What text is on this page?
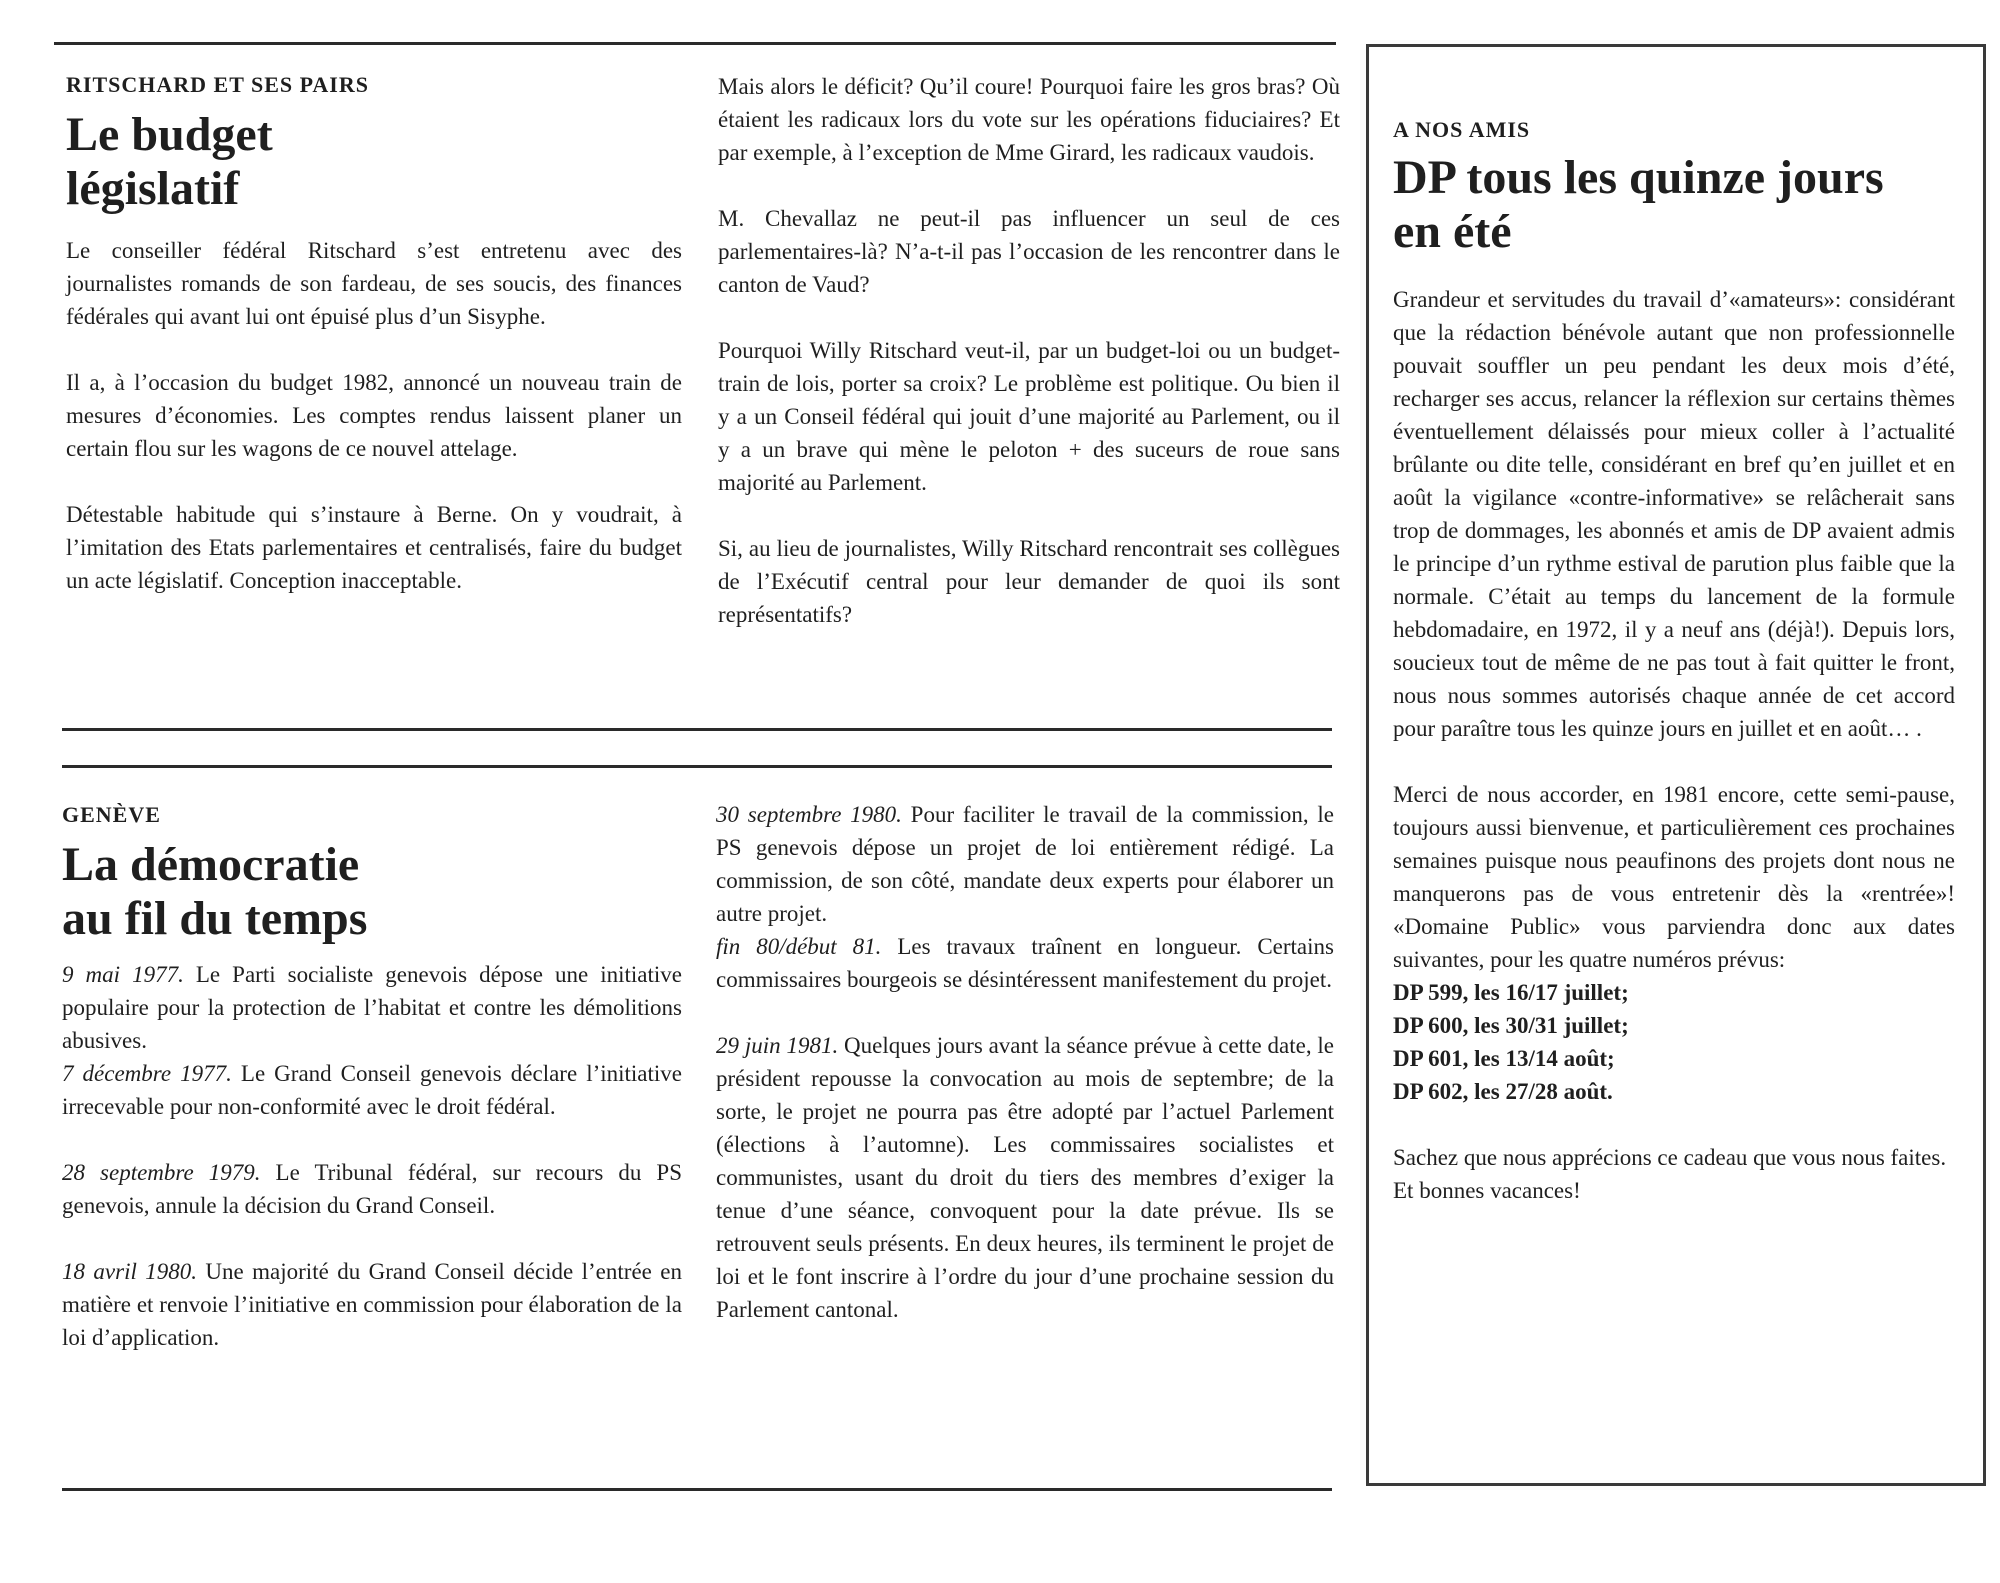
RITSCHARD ET SES PAIRS

Le budget
législatif

Le conseiller fédéral Ritschard s’est entretenu avec des journalistes romands de son fardeau, de ses soucis, des finances fédérales qui avant lui ont épuisé plus d’un Sisyphe.

Il a, à l’occasion du budget 1982, annoncé un nouveau train de mesures d’économies. Les comptes rendus laissent planer un certain flou sur les wagons de ce nouvel attelage.

Détestable habitude qui s’instaure à Berne. On y voudrait, à l’imitation des Etats parlementaires et centralisés, faire du budget un acte législatif. Conception inacceptable.

Mais alors le déficit? Qu’il coure! Pourquoi faire les gros bras? Où étaient les radicaux lors du vote sur les opérations fiduciaires? Et par exemple, à l’exception de Mme Girard, les radicaux vaudois.

M. Chevallaz ne peut-il pas influencer un seul de ces parlementaires-là? N’a-t-il pas l’occasion de les rencontrer dans le canton de Vaud?

Pourquoi Willy Ritschard veut-il, par un budget-loi ou un budget-train de lois, porter sa croix? Le problème est politique. Ou bien il y a un Conseil fédéral qui jouit d’une majorité au Parlement, ou il y a un brave qui mène le peloton + des suceurs de roue sans majorité au Parlement.

Si, au lieu de journalistes, Willy Ritschard rencontrait ses collègues de l’Exécutif central pour leur demander de quoi ils sont représentatifs?

GENÈVE

La démocratie
au fil du temps

9 mai 1977. Le Parti socialiste genevois dépose une initiative populaire pour la protection de l’habitat et contre les démolitions abusives.

7 décembre 1977. Le Grand Conseil genevois déclare l’initiative irrecevable pour non-conformité avec le droit fédéral.

28 septembre 1979. Le Tribunal fédéral, sur recours du PS genevois, annule la décision du Grand Conseil.

18 avril 1980. Une majorité du Grand Conseil décide l’entrée en matière et renvoie l’initiative en commission pour élaboration de la loi d’application.

30 septembre 1980. Pour faciliter le travail de la commission, le PS genevois dépose un projet de loi entièrement rédigé. La commission, de son côté, mandate deux experts pour élaborer un autre projet.

fin 80/début 81. Les travaux traînent en longueur. Certains commissaires bourgeois se désintéressent manifestement du projet.

29 juin 1981. Quelques jours avant la séance prévue à cette date, le président repousse la convocation au mois de septembre; de la sorte, le projet ne pourra pas être adopté par l’actuel Parlement (élections à l’automne). Les commissaires socialistes et communistes, usant du droit du tiers des membres d’exiger la tenue d’une séance, convoquent pour la date prévue. Ils se retrouvent seuls présents. En deux heures, ils terminent le projet de loi et le font inscrire à l’ordre du jour d’une prochaine session du Parlement cantonal.

A NOS AMIS

DP tous les quinze jours
en été

Grandeur et servitudes du travail d’«amateurs»: considérant que la rédaction bénévole autant que non professionnelle pouvait souffler un peu pendant les deux mois d’été, recharger ses accus, relancer la réflexion sur certains thèmes éventuellement délaissés pour mieux coller à l’actualité brûlante ou dite telle, considérant en bref qu’en juillet et en août la vigilance «contre-informative» se relâcherait sans trop de dommages, les abonnés et amis de DP avaient admis le principe d’un rythme estival de parution plus faible que la normale. C’était au temps du lancement de la formule hebdomadaire, en 1972, il y a neuf ans (déjà!). Depuis lors, soucieux tout de même de ne pas tout à fait quitter le front, nous nous sommes autorisés chaque année de cet accord pour paraître tous les quinze jours en juillet et en août… .

Merci de nous accorder, en 1981 encore, cette semi-pause, toujours aussi bienvenue, et particulièrement ces prochaines semaines puisque nous peaufinons des projets dont nous ne manquerons pas de vous entretenir dès la «rentrée»! «Domaine Public» vous parviendra donc aux dates suivantes, pour les quatre numéros prévus:

DP 599, les 16/17 juillet;

DP 600, les 30/31 juillet;

DP 601, les 13/14 août;

DP 602, les 27/28 août.

Sachez que nous apprécions ce cadeau que vous nous faites.

Et bonnes vacances!
